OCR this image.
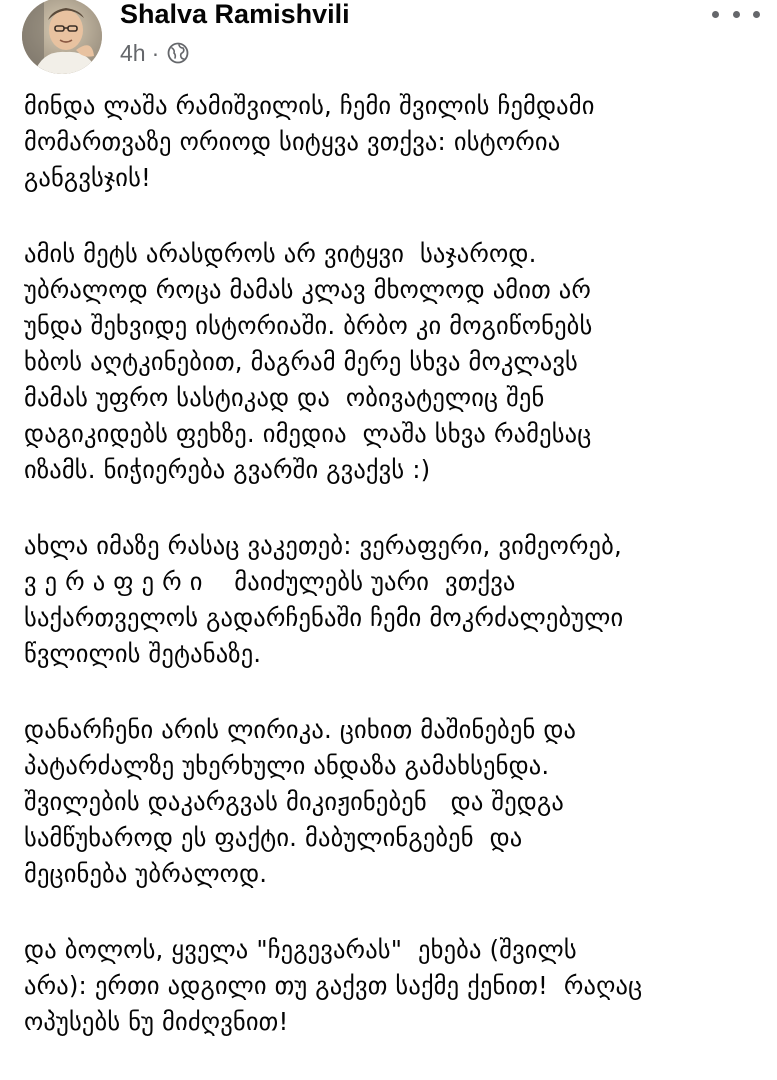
Shalva Ramishvili
4h ·

მინდა ლაშა რამიშვილის, ჩემი შვილის ჩემდამი
მომართვაზე ორიოდ სიტყვა ვთქვა: ისტორია
განგვსჯის!

ამის მეტს არასდროს არ ვიტყვი  საჯაროდ.
უბრალოდ როცა მამას კლავ მხოლოდ ამით არ
უნდა შეხვიდე ისტორიაში. ბრბო კი მოგიწონებს
ხბოს აღტკინებით, მაგრამ მერე სხვა მოკლავს
მამას უფრო სასტიკად და  ობივატელიც შენ
დაგიკიდებს ფეხზე. იმედია  ლაშა სხვა რამესაც
იზამს. ნიჭიერება გვარში გვაქვს :)

ახლა იმაზე რასაც ვაკეთებ: ვერაფერი, ვიმეორებ,
ვ ე რ ა ფ ე რ ი    მაიძულებს უარი  ვთქვა
საქართველოს გადარჩენაში ჩემი მოკრძალებული
წვლილის შეტანაზე.

დანარჩენი არის ლირიკა. ციხით მაშინებენ და
პატარძალზე უხერხული ანდაზა გამახსენდა.
შვილების დაკარგვას მიკიჟინებენ   და შედგა
სამწუხაროდ ეს ფაქტი. მაბულინგებენ  და
მეცინება უბრალოდ.

და ბოლოს, ყველა "ჩეგევარას"  ეხება (შვილს
არა): ერთი ადგილი თუ გაქვთ საქმე ქენით!  რაღაც
ოპუსებს ნუ მიძღვნით!
